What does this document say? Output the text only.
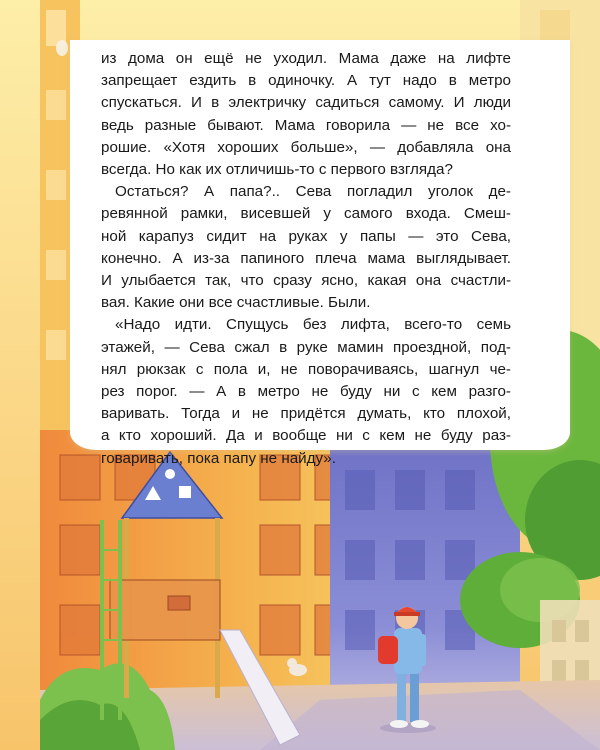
из дома он ещё не уходил. Мама даже на лифте
запрещает ездить в одиночку. А тут надо в метро
спускаться. И в электричку садиться самому. И люди
ведь разные бывают. Мама говорила — не все хо-
рошие. «Хотя хороших больше», — добавляла она
всегда. Но как их отличишь-то с первого взгляда?

Остаться? А папа?.. Сева погладил уголок де-
ревянной рамки, висевшей у самого входа. Смеш-
ной карапуз сидит на руках у папы — это Сева,
конечно. А из-за папиного плеча мама выглядывает.
И улыбается так, что сразу ясно, какая она счастли-
вая. Какие они все счастливые. Были.

«Надо идти. Спущусь без лифта, всего-то семь
этажей, — Сева сжал в руке мамин проездной, под-
нял рюкзак с пола и, не поворачиваясь, шагнул че-
рез порог. — А в метро не буду ни с кем разго-
варивать. Тогда и не придётся думать, кто плохой,
а кто хороший. Да и вообще ни с кем не буду раз-
говаривать, пока папу не найду».
